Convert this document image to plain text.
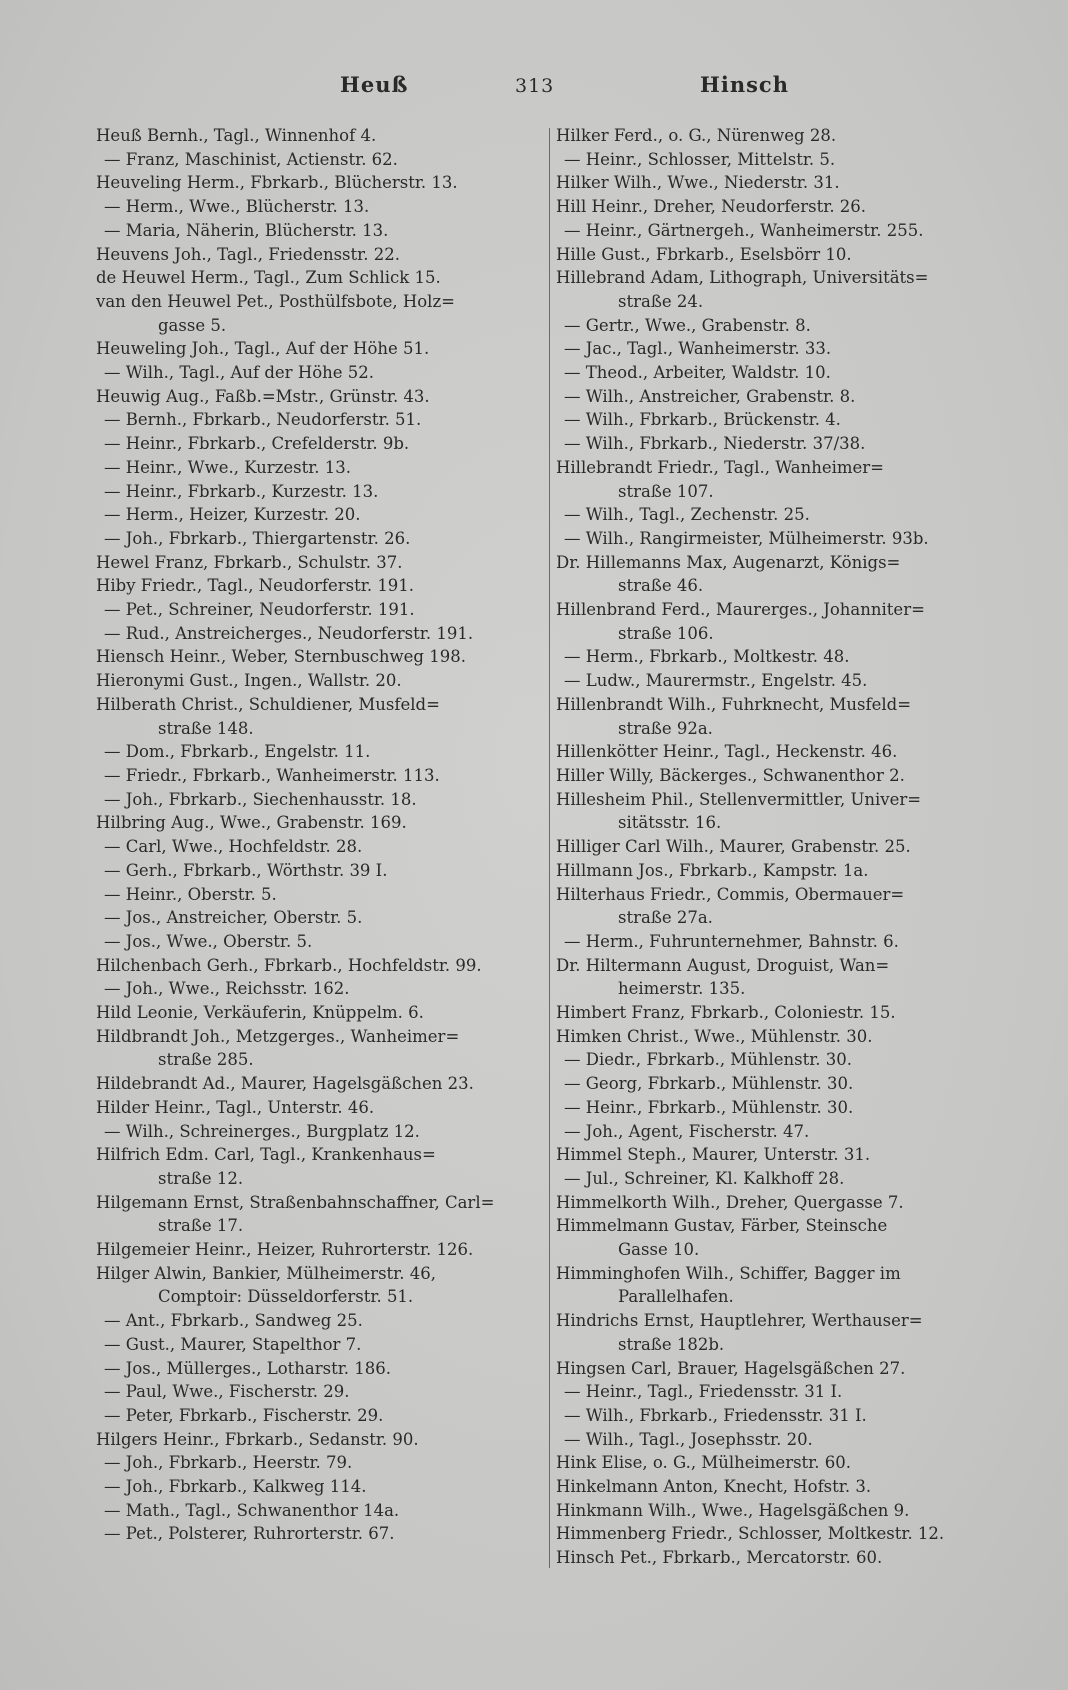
Heuß	313	Hinsch
Heuß Bernh., Tagl., Winnenhof 4.
— Franz, Maschinist, Actienstr. 62.
Heuveling Herm., Fbrkarb., Blücherstr. 13.
— Herm., Wwe., Blücherstr. 13.
— Maria, Näherin, Blücherstr. 13.
Heuvens Joh., Tagl., Friedensstr. 22.
de Heuwel Herm., Tagl., Zum Schlick 15.
van den Heuwel Pet., Posthülfsbote, Holz=
gasse 5.
Heuweling Joh., Tagl., Auf der Höhe 51.
— Wilh., Tagl., Auf der Höhe 52.
Heuwig Aug., Faßb.=Mstr., Grünstr. 43.
— Bernh., Fbrkarb., Neudorferstr. 51.
— Heinr., Fbrkarb., Crefelderstr. 9b.
— Heinr., Wwe., Kurzestr. 13.
— Heinr., Fbrkarb., Kurzestr. 13.
— Herm., Heizer, Kurzestr. 20.
— Joh., Fbrkarb., Thiergartenstr. 26.
Hewel Franz, Fbrkarb., Schulstr. 37.
Hiby Friedr., Tagl., Neudorferstr. 191.
— Pet., Schreiner, Neudorferstr. 191.
— Rud., Anstreicherges., Neudorferstr. 191.
Hiensch Heinr., Weber, Sternbuschweg 198.
Hieronymi Gust., Ingen., Wallstr. 20.
Hilberath Christ., Schuldiener, Musfeld=
straße 148.
— Dom., Fbrkarb., Engelstr. 11.
— Friedr., Fbrkarb., Wanheimerstr. 113.
— Joh., Fbrkarb., Siechenhausstr. 18.
Hilbring Aug., Wwe., Grabenstr. 169.
— Carl, Wwe., Hochfeldstr. 28.
— Gerh., Fbrkarb., Wörthstr. 39 I.
— Heinr., Oberstr. 5.
— Jos., Anstreicher, Oberstr. 5.
— Jos., Wwe., Oberstr. 5.
Hilchenbach Gerh., Fbrkarb., Hochfeldstr. 99.
— Joh., Wwe., Reichsstr. 162.
Hild Leonie, Verkäuferin, Knüppelm. 6.
Hildbrandt Joh., Metzgerges., Wanheimer=
straße 285.
Hildebrandt Ad., Maurer, Hagelsgäßchen 23.
Hilder Heinr., Tagl., Unterstr. 46.
— Wilh., Schreinerges., Burgplatz 12.
Hilfrich Edm. Carl, Tagl., Krankenhaus=
straße 12.
Hilgemann Ernst, Straßenbahnschaffner, Carl=
straße 17.
Hilgemeier Heinr., Heizer, Ruhrorterstr. 126.
Hilger Alwin, Bankier, Mülheimerstr. 46,
Comptoir: Düsseldorferstr. 51.
— Ant., Fbrkarb., Sandweg 25.
— Gust., Maurer, Stapelthor 7.
— Jos., Müllerges., Lotharstr. 186.
— Paul, Wwe., Fischerstr. 29.
— Peter, Fbrkarb., Fischerstr. 29.
Hilgers Heinr., Fbrkarb., Sedanstr. 90.
— Joh., Fbrkarb., Heerstr. 79.
— Joh., Fbrkarb., Kalkweg 114.
— Math., Tagl., Schwanenthor 14a.
— Pet., Polsterer, Ruhrorterstr. 67.
Hilker Ferd., o. G., Nürenweg 28.
— Heinr., Schlosser, Mittelstr. 5.
Hilker Wilh., Wwe., Niederstr. 31.
Hill Heinr., Dreher, Neudorferstr. 26.
— Heinr., Gärtnergeh., Wanheimerstr. 255.
Hille Gust., Fbrkarb., Eselsbörr 10.
Hillebrand Adam, Lithograph, Universitäts=
straße 24.
— Gertr., Wwe., Grabenstr. 8.
— Jac., Tagl., Wanheimerstr. 33.
— Theod., Arbeiter, Waldstr. 10.
— Wilh., Anstreicher, Grabenstr. 8.
— Wilh., Fbrkarb., Brückenstr. 4.
— Wilh., Fbrkarb., Niederstr. 37/38.
Hillebrandt Friedr., Tagl., Wanheimer=
straße 107.
— Wilh., Tagl., Zechenstr. 25.
— Wilh., Rangirmeister, Mülheimerstr. 93b.
Dr. Hillemanns Max, Augenarzt, Königs=
straße 46.
Hillenbrand Ferd., Maurerges., Johanniter=
straße 106.
— Herm., Fbrkarb., Moltkestr. 48.
— Ludw., Maurermstr., Engelstr. 45.
Hillenbrandt Wilh., Fuhrknecht, Musfeld=
straße 92a.
Hillenkötter Heinr., Tagl., Heckenstr. 46.
Hiller Willy, Bäckerges., Schwanenthor 2.
Hillesheim Phil., Stellenvermittler, Univer=
sitätsstr. 16.
Hilliger Carl Wilh., Maurer, Grabenstr. 25.
Hillmann Jos., Fbrkarb., Kampstr. 1a.
Hilterhaus Friedr., Commis, Obermauer=
straße 27a.
— Herm., Fuhrunternehmer, Bahnstr. 6.
Dr. Hiltermann August, Droguist, Wan=
heimerstr. 135.
Himbert Franz, Fbrkarb., Coloniestr. 15.
Himken Christ., Wwe., Mühlenstr. 30.
— Diedr., Fbrkarb., Mühlenstr. 30.
— Georg, Fbrkarb., Mühlenstr. 30.
— Heinr., Fbrkarb., Mühlenstr. 30.
— Joh., Agent, Fischerstr. 47.
Himmel Steph., Maurer, Unterstr. 31.
— Jul., Schreiner, Kl. Kalkhoff 28.
Himmelkorth Wilh., Dreher, Quergasse 7.
Himmelmann Gustav, Färber, Steinsche
Gasse 10.
Himminghofen Wilh., Schiffer, Bagger im
Parallelhafen.
Hindrichs Ernst, Hauptlehrer, Werthauser=
straße 182b.
Hingsen Carl, Brauer, Hagelsgäßchen 27.
— Heinr., Tagl., Friedensstr. 31 I.
— Wilh., Fbrkarb., Friedensstr. 31 I.
— Wilh., Tagl., Josephsstr. 20.
Hink Elise, o. G., Mülheimerstr. 60.
Hinkelmann Anton, Knecht, Hofstr. 3.
Hinkmann Wilh., Wwe., Hagelsgäßchen 9.
Himmenberg Friedr., Schlosser, Moltkestr. 12.
Hinsch Pet., Fbrkarb., Mercatorstr. 60.
